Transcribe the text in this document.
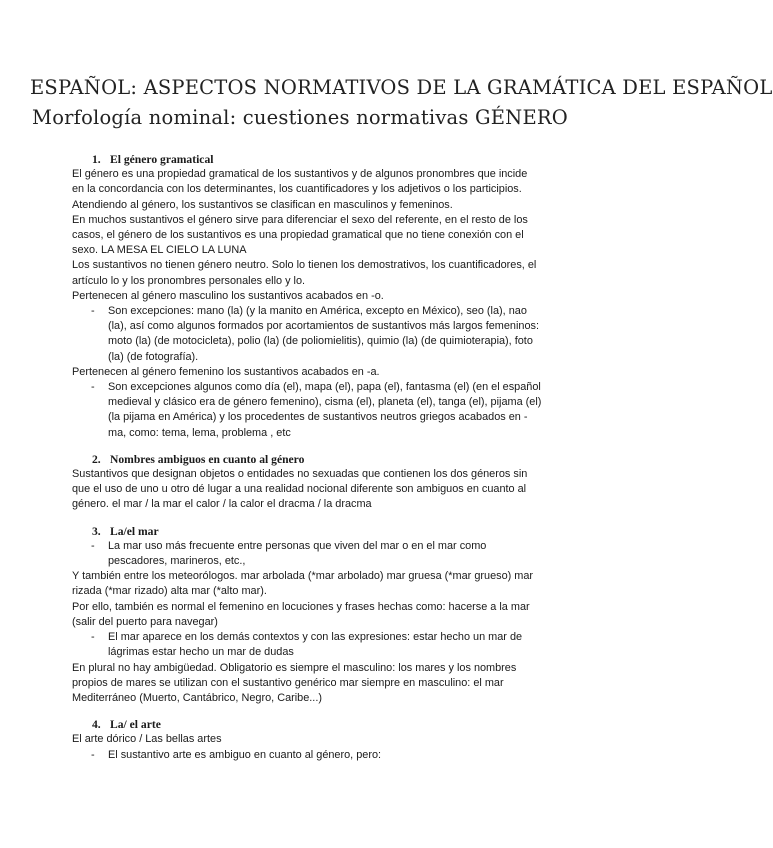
ESPAÑOL: ASPECTOS NORMATIVOS DE LA GRAMÁTICA DEL ESPAÑOL
Morfología nominal: cuestiones normativas GÉNERO
1. El género gramatical

El género es una propiedad gramatical de los sustantivos y de algunos pronombres que incide en la concordancia con los determinantes, los cuantificadores y los adjetivos o los participios. Atendiendo al género, los sustantivos se clasifican en masculinos y femeninos.

En muchos sustantivos el género sirve para diferenciar el sexo del referente, en el resto de los casos, el género de los sustantivos es una propiedad gramatical que no tiene conexión con el sexo. LA MESA EL CIELO LA LUNA

Los sustantivos no tienen género neutro. Solo lo tienen los demostrativos, los cuantificadores, el artículo lo y los pronombres personales ello y lo.

Pertenecen al género masculino los sustantivos acabados en -o.

- Son excepciones: mano (la) (y la manito en América, excepto en México), seo (la), nao (la), así como algunos formados por acortamientos de sustantivos más largos femeninos: moto (la) (de motocicleta), polio (la) (de poliomielitis), quimio (la) (de quimioterapia), foto (la) (de fotografía).

Pertenecen al género femenino los sustantivos acabados en -a.

- Son excepciones algunos como día (el), mapa (el), papa (el), fantasma (el) (en el español medieval y clásico era de género femenino), cisma (el), planeta (el), tanga (el), pijama (el) (la pijama en América) y los procedentes de sustantivos neutros griegos acabados en -ma, como: tema, lema, problema , etc
2. Nombres ambiguos en cuanto al género

Sustantivos que designan objetos o entidades no sexuadas que contienen los dos géneros sin que el uso de uno u otro dé lugar a una realidad nocional diferente son ambiguos en cuanto al género. el mar / la mar el calor / la calor el dracma / la dracma

3. La/el mar
- La mar uso más frecuente entre personas que viven del mar o en el mar como pescadores, marineros, etc.,

Y también entre los meteorólogos. mar arbolada (*mar arbolado) mar gruesa (*mar grueso) mar rizada (*mar rizado) alta mar (*alto mar).

Por ello, también es normal el femenino en locuciones y frases hechas como: hacerse a la mar (salir del puerto para navegar)

- El mar aparece en los demás contextos y con las expresiones: estar hecho un mar de lágrimas estar hecho un mar de dudas

En plural no hay ambigüedad. Obligatorio es siempre el masculino: los mares y los nombres propios de mares se utilizan con el sustantivo genérico mar siempre en masculino: el mar Mediterráneo (Muerto, Cantábrico, Negro, Caribe...)

4. La/ el arte

El arte dórico / Las bellas artes

- El sustantivo arte es ambiguo en cuanto al género, pero:
